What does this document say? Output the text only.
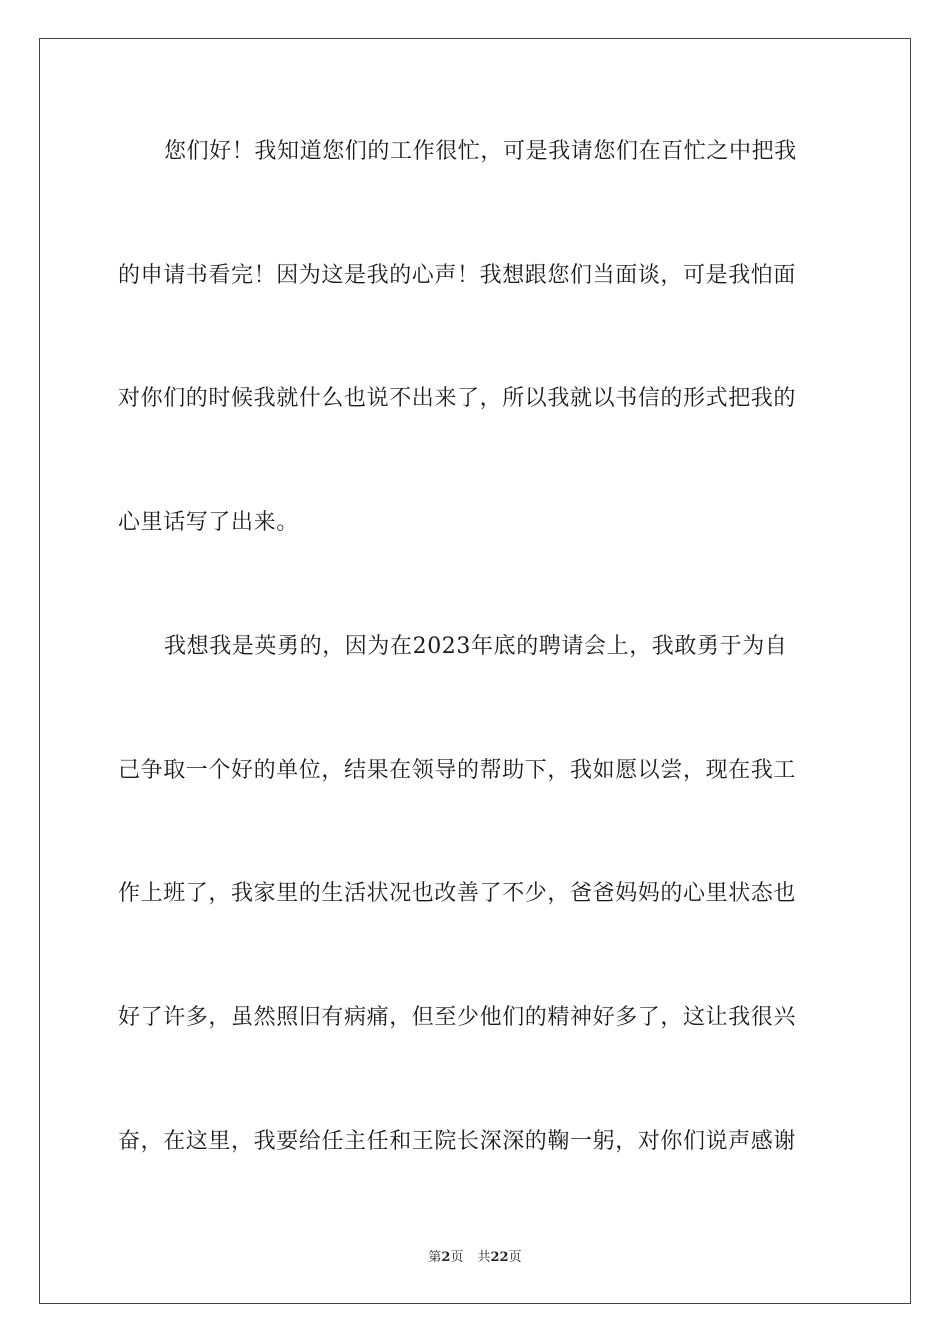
您们好！我知道您们的工作很忙，可是我请您们在百忙之中把我
的申请书看完！因为这是我的心声！我想跟您们当面谈，可是我怕面
对你们的时候我就什么也说不出来了，所以我就以书信的形式把我的
心里话写了出来。
我想我是英勇的，因为在2023年底的聘请会上，我敢勇于为自
己争取一个好的单位，结果在领导的帮助下，我如愿以尝，现在我工
作上班了，我家里的生活状况也改善了不少，爸爸妈妈的心里状态也
好了许多，虽然照旧有病痛，但至少他们的精神好多了，这让我很兴
奋，在这里，我要给任主任和王院长深深的鞠一躬，对你们说声感谢
第2页 共22页
